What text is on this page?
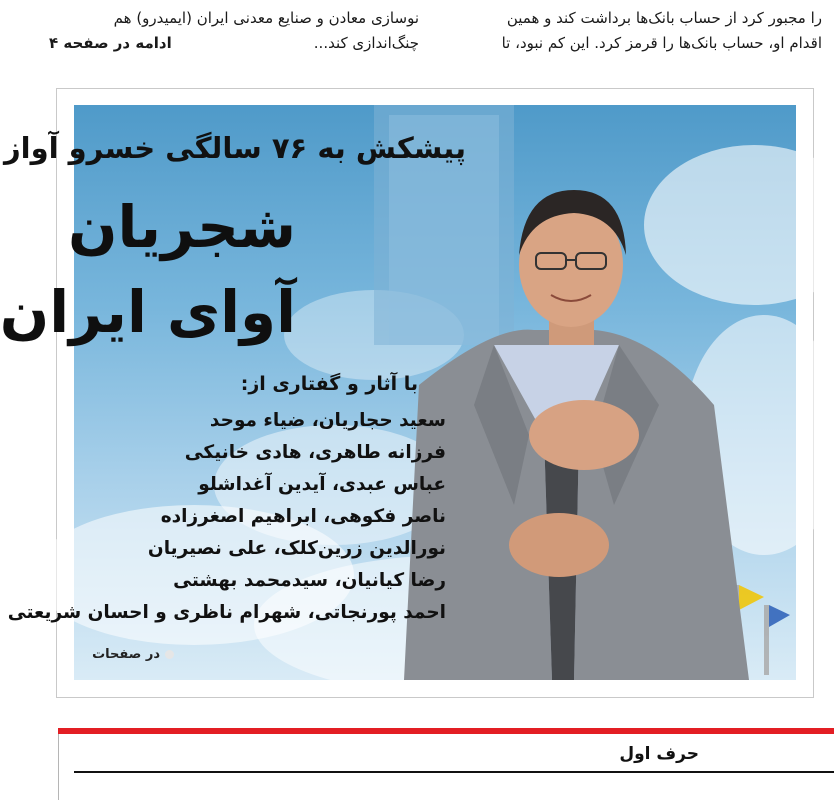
را مجبور کرد از حساب بانک‌ها برداشت کند و همین
اقدام او، حساب بانک‌ها را قرمز کرد. این کم نبود، تا
نوسازی معادن و صنایع معدنی ایران (ایمیدرو) هم
چنگ‌اندازی کند...
ادامه در صفحه ۴
پیشکش به ۷۶ سالگی خسرو آواز
شجریان
آوای ایران
با آثار و گفتاری از:
سعید حجاریان، ضیاء موحد
فرزانه طاهری، هادی خانیکی
عباس عبدی، آیدین آغداشلو
ناصر فکوهی، ابراهیم اصغرزاده
نورالدین زرین‌کلک، علی نصیریان
رضا کیانیان، سیدمحمد بهشتی
احمد پورنجاتی، شهرام ناظری و احسان شریعتی
در صفحات
حرف اول
